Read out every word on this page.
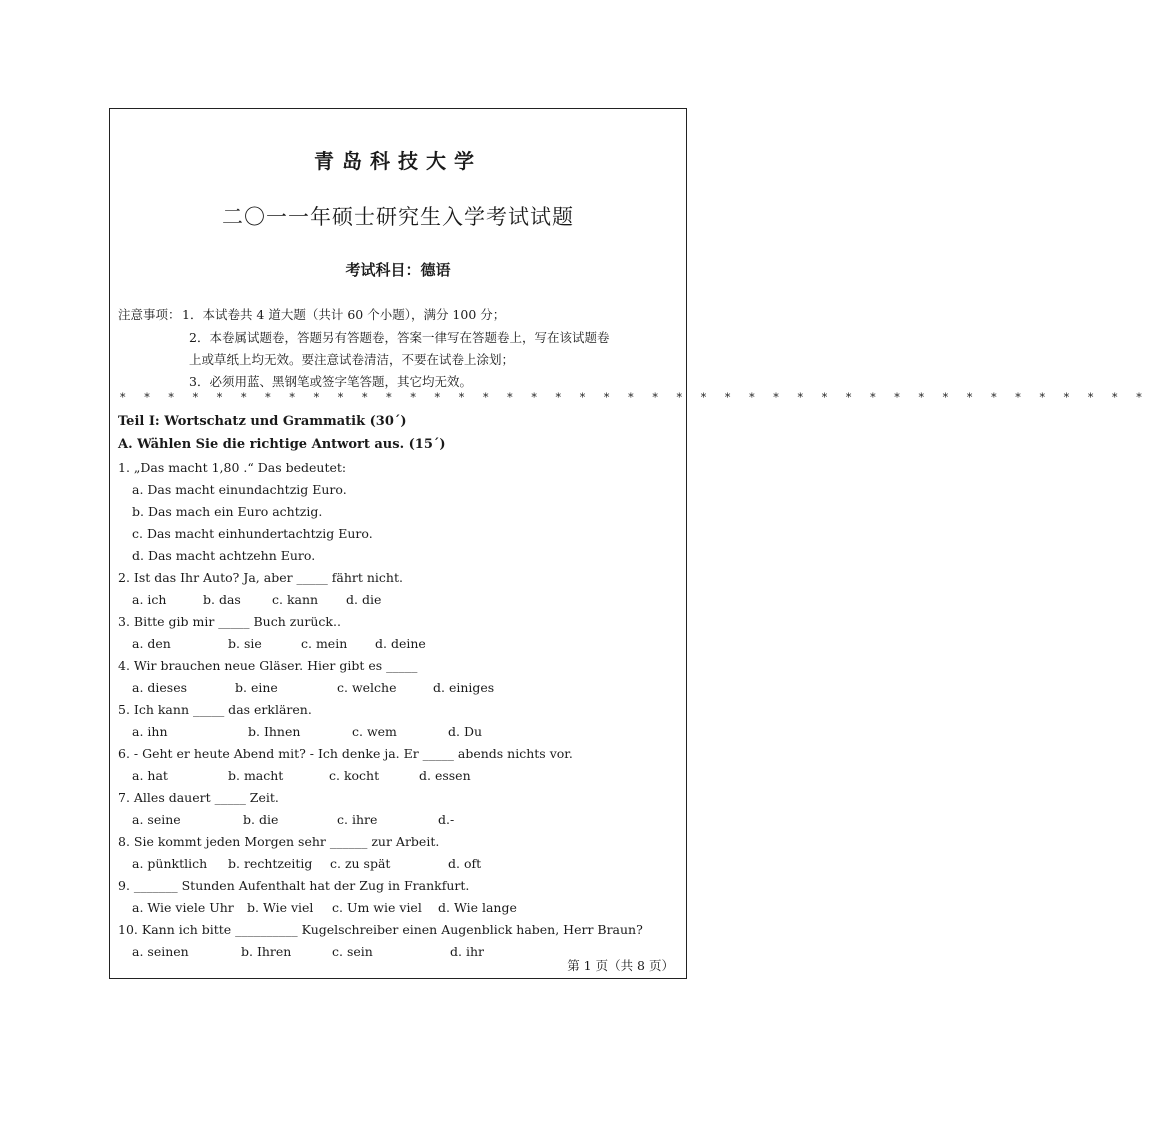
青岛科技大学
二〇一一年硕士研究生入学考试试题
考试科目：德语
注意事项： 1．本试卷共 4 道大题（共计 60 个小题），满分 100 分；
2．本卷属试题卷，答题另有答题卷，答案一律写在答题卷上，写在该试题卷
上或草纸上均无效。要注意试卷清洁，不要在试卷上涂划；
3．必须用蓝、黑钢笔或签字笔答题，其它均无效。
* * * * * * * * * * * * * * * * * * * * * * * * * * * * * * * * * * * * * * * * * * *
Teil I: Wortschatz und Grammatik (30´)
A. Wählen Sie die richtige Antwort aus. (15´)
1. „Das macht 1,80 .“ Das bedeutet:
a. Das macht einundachtzig Euro.
b. Das mach ein Euro achtzig.
c. Das macht einhundertachtzig Euro.
d. Das macht achtzehn Euro.
2. Ist das Ihr Auto? Ja, aber _____ fährt nicht.
a. ich	b. das c. kann d. die
3. Bitte gib mir _____ Buch zurück..
a. den	b. sie	c. mein d. deine
4. Wir brauchen neue Gläser. Hier gibt es _____
a. dieses	b. eine	c. welche	d. einiges
5. Ich kann _____ das erklären.
a. ihn	b. Ihnen	c. wem	d. Du
6. - Geht er heute Abend mit? - Ich denke ja. Er _____ abends nichts vor.
a. hat	b. macht	c. kocht	d. essen
7. Alles dauert _____ Zeit.
a. seine	b. die	c. ihre	d.-
8. Sie kommt jeden Morgen sehr ______ zur Arbeit.
a. pünktlich b. rechtzeitig c. zu spät	d. oft
9. _______ Stunden Aufenthalt hat der Zug in Frankfurt.
a. Wie viele Uhr b. Wie viel c. Um wie viel d. Wie lange
10. Kann ich bitte __________ Kugelschreiber einen Augenblick haben, Herr Braun?
a. seinen	b. Ihren	c. sein	d. ihr
第 1 页（共 8 页）
